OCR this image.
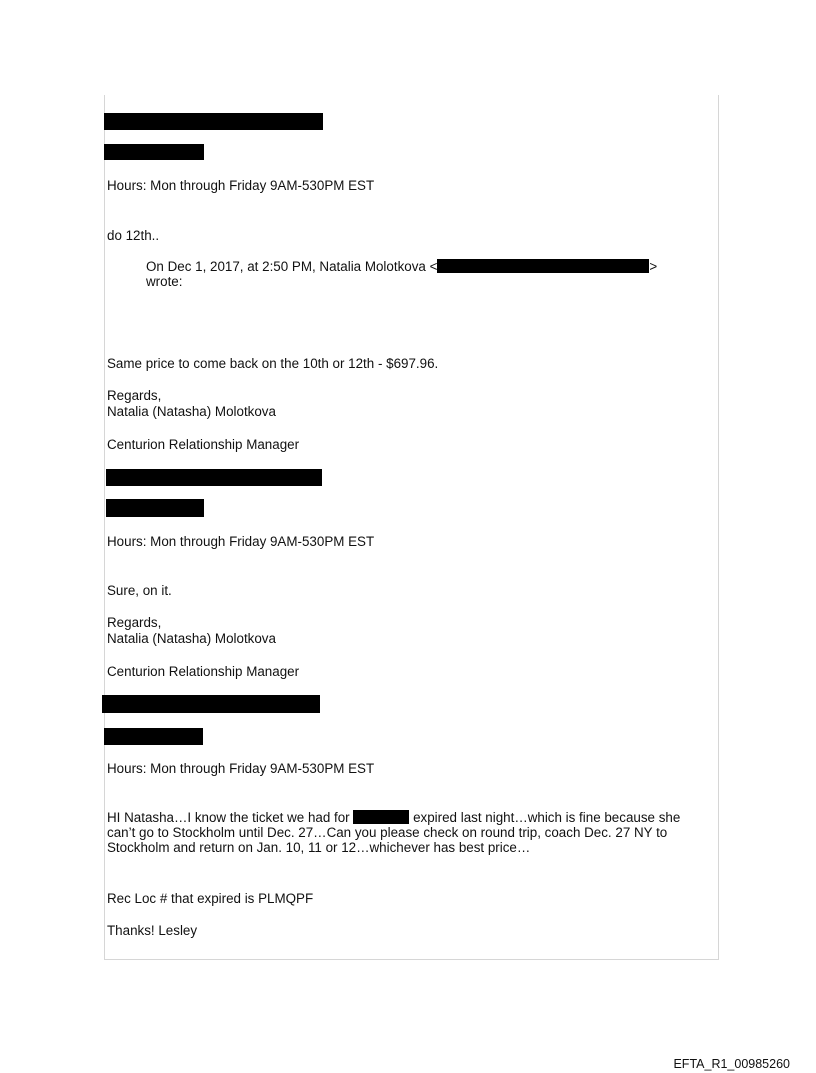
Hours: Mon through Friday 9AM-530PM EST
do 12th..
On Dec 1, 2017, at 2:50 PM, Natalia Molotkova <	>
wrote:
Same price to come back on the 10th or 12th - $697.96.
Regards,
Natalia (Natasha) Molotkova
Centurion Relationship Manager
Hours: Mon through Friday 9AM-530PM EST
Sure, on it.
Regards,
Natalia (Natasha) Molotkova
Centurion Relationship Manager
Hours: Mon through Friday 9AM-530PM EST
HI Natasha…I know the ticket we had for	expired last night…which is fine because she can’t go to Stockholm until Dec. 27…Can you please check on round trip, coach Dec. 27 NY to Stockholm and return on Jan. 10, 11 or 12…whichever has best price…
Rec Loc # that expired is PLMQPF
Thanks! Lesley
EFTA_R1_00985260
